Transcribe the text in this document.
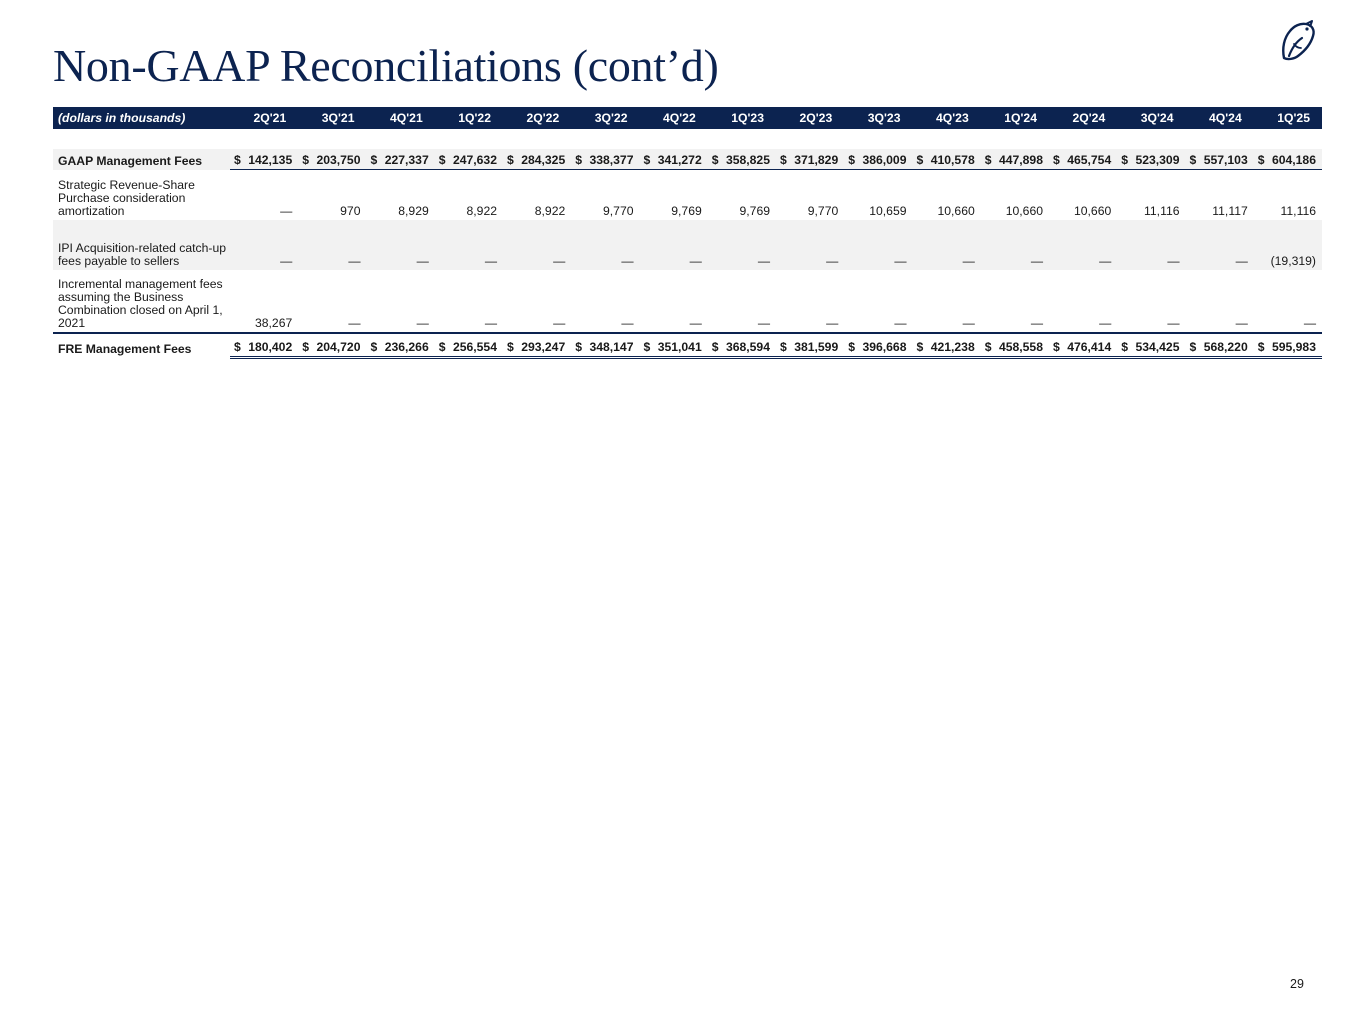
Non-GAAP Reconciliations (cont’d)
(dollars in thousands)	2Q'21	3Q'21	4Q'21	1Q'22	2Q'22	3Q'22	4Q'22	1Q'23	2Q'23	3Q'23	4Q'23	1Q'24	2Q'24	3Q'24	4Q'24	1Q'25

GAAP Management Fees	$ 142,135	$ 203,750	$ 227,337	$ 247,632	$ 284,325	$ 338,377	$ 341,272	$ 358,825	$ 371,829	$ 386,009	$ 410,578	$ 447,898	$ 465,754	$ 523,309	$ 557,103	$ 604,186

Strategic Revenue-Share Purchase consideration amortization	—	970	8,929	8,922	8,922	9,770	9,769	9,769	9,770	10,659	10,660	10,660	10,660	11,116	11,117	11,116
IPI Acquisition-related catch-up fees payable to sellers	—	—	—	—	—	—	—	—	—	—	—	—	—	—	—	(19,319)
Incremental management fees assuming the Business Combination closed on April 1, 2021	38,267	—	—	—	—	—	—	—	—	—	—	—	—	—	—	—
FRE Management Fees	$ 180,402	$ 204,720	$ 236,266	$ 256,554	$ 293,247	$ 348,147	$ 351,041	$ 368,594	$ 381,599	$ 396,668	$ 421,238	$ 458,558	$ 476,414	$ 534,425	$ 568,220	$ 595,983
29
